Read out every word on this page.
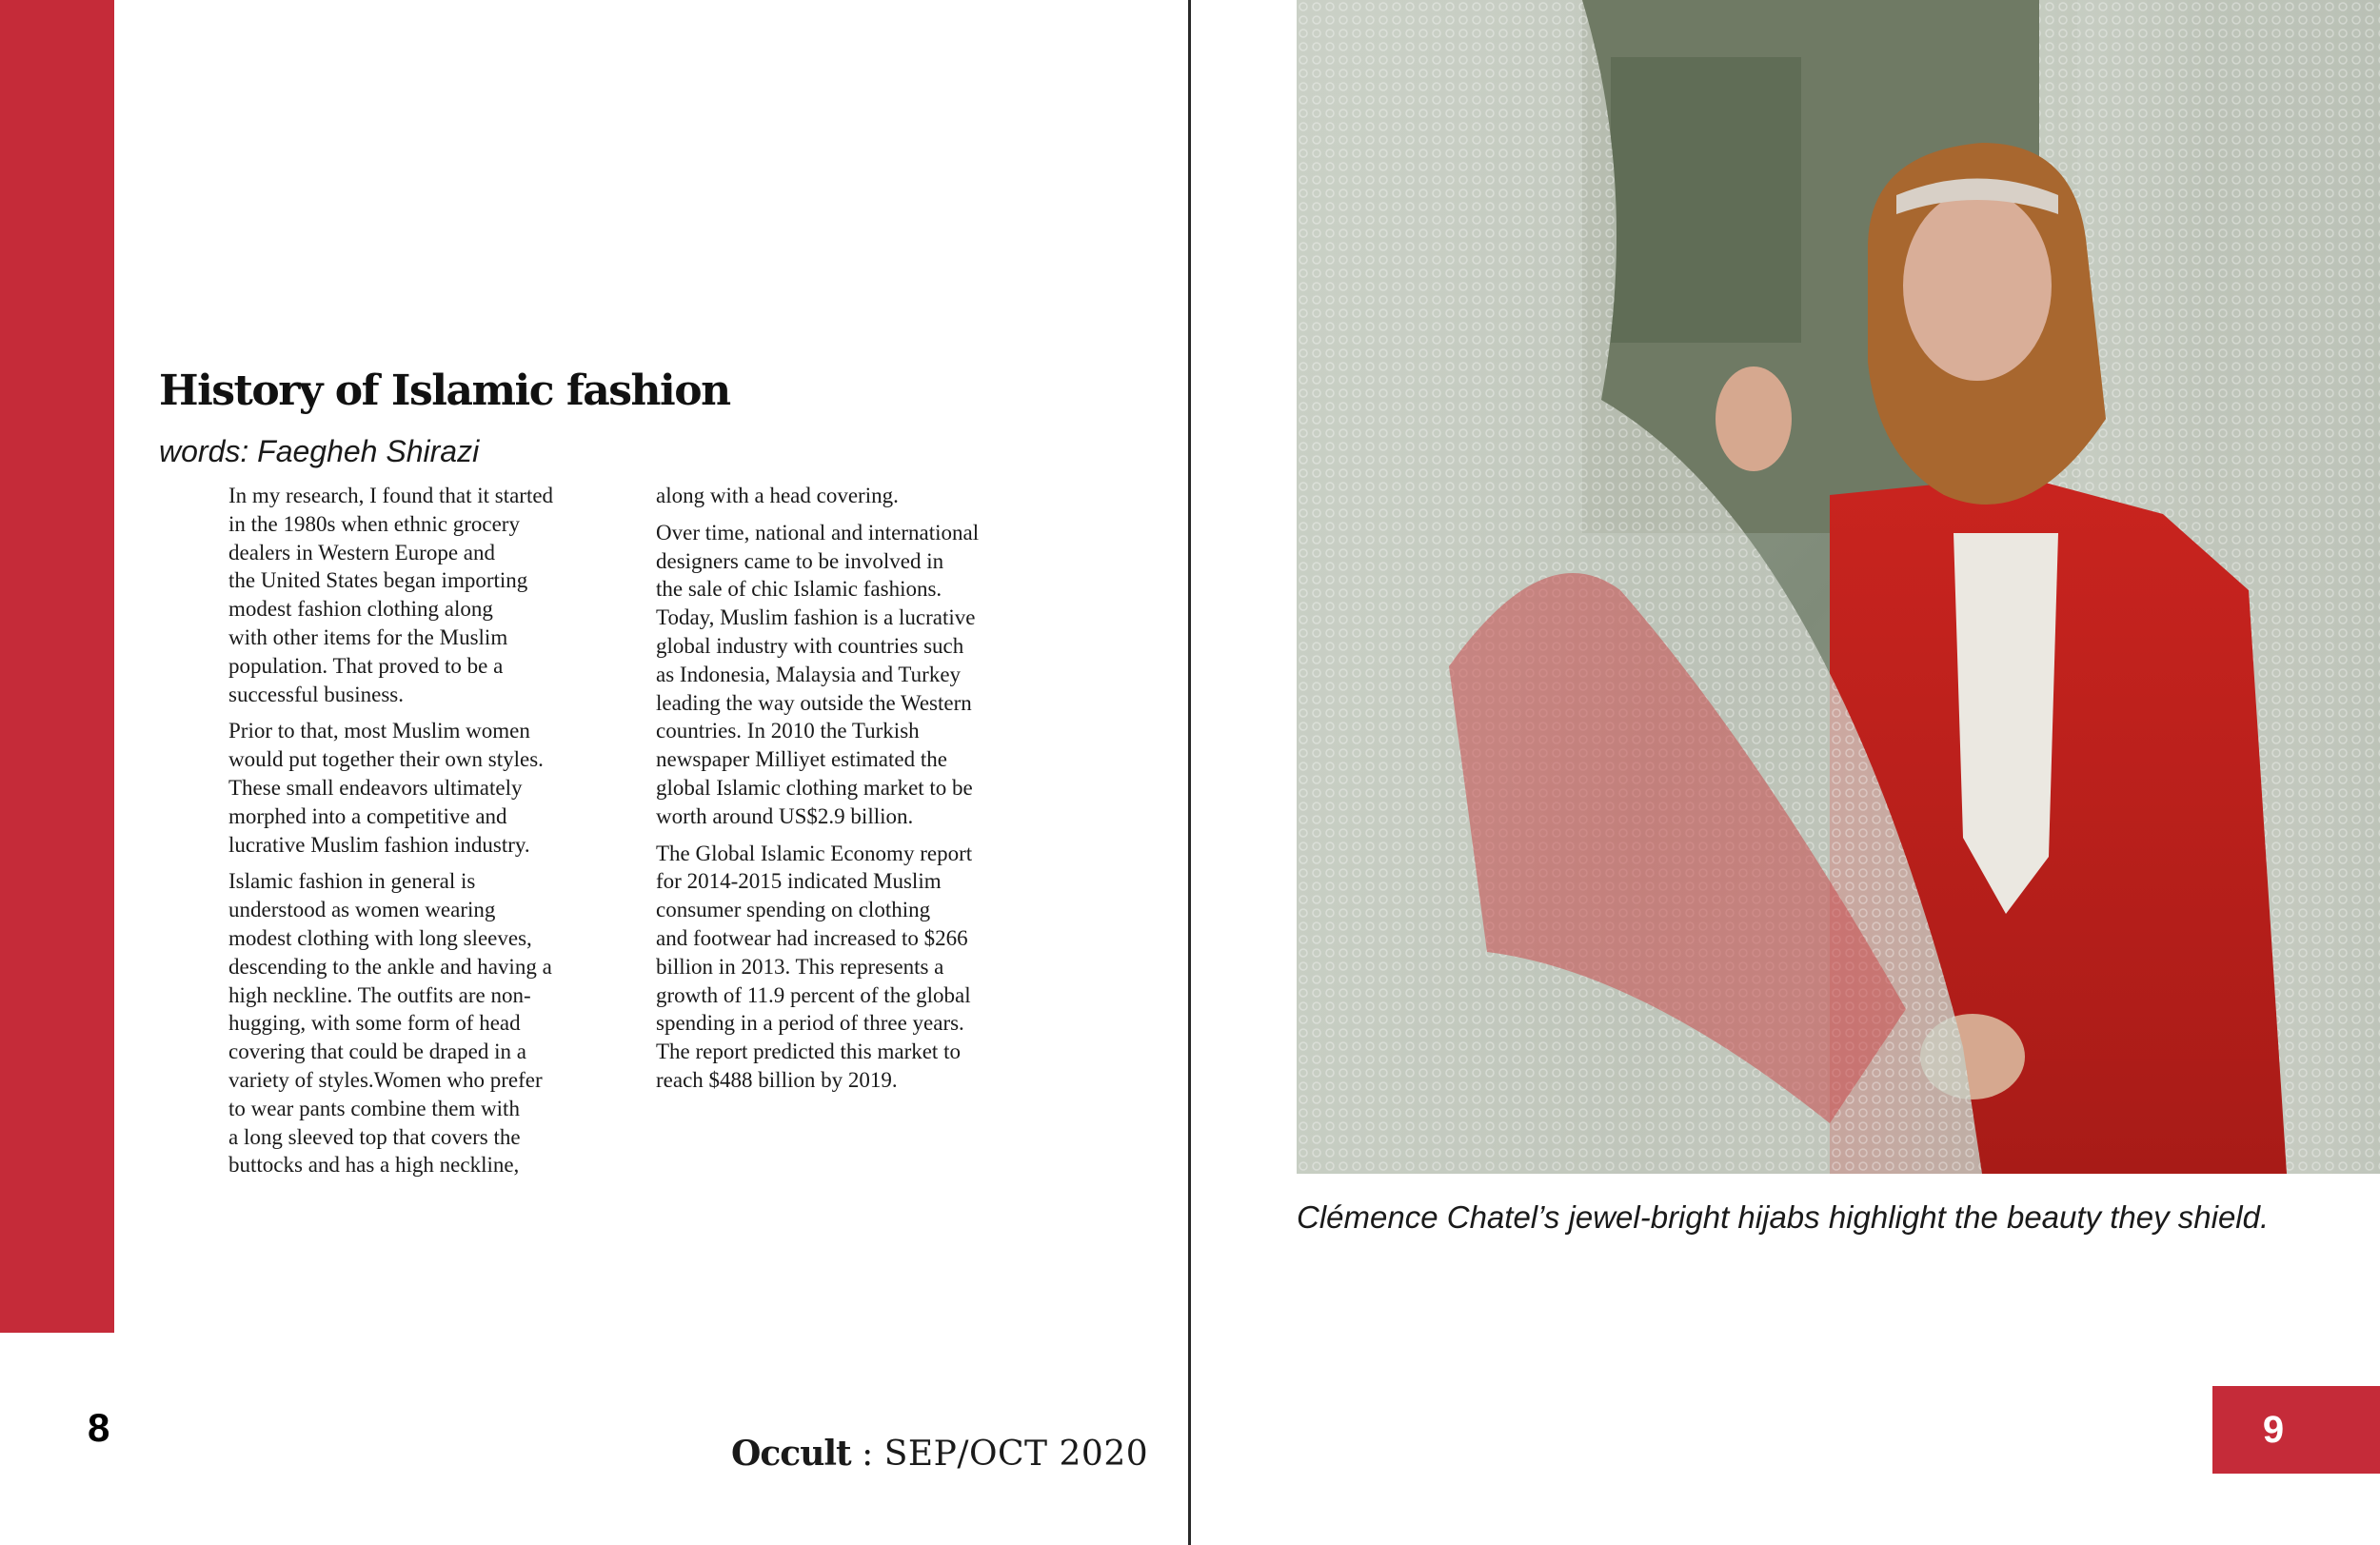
History of Islamic fashion

words: Faegheh Shirazi

In my research, I found that it started
in the 1980s when ethnic grocery
dealers in Western Europe and
the United States began importing
modest fashion clothing along
with other items for the Muslim
population. That proved to be a
successful business.

Prior to that, most Muslim women
would put together their own styles.
These small endeavors ultimately
morphed into a competitive and
lucrative Muslim fashion industry.

Islamic fashion in general is
understood as women wearing
modest clothing with long sleeves,
descending to the ankle and having a
high neckline. The outfits are non-
hugging, with some form of head
covering that could be draped in a
variety of styles.Women who prefer
to wear pants combine them with
a long sleeved top that covers the
buttocks and has a high neckline,

along with a head covering.

Over time, national and international
designers came to be involved in
the sale of chic Islamic fashions.
Today, Muslim fashion is a lucrative
global industry with countries such
as Indonesia, Malaysia and Turkey
leading the way outside the Western
countries. In 2010 the Turkish
newspaper Milliyet estimated the
global Islamic clothing market to be
worth around US$2.9 billion.

The Global Islamic Economy report
for 2014-2015 indicated Muslim
consumer spending on clothing
and footwear had increased to $266
billion in 2013. This represents a
growth of 11.9 percent of the global
spending in a period of three years.
The report predicted this market to
reach $488 billion by 2019.

8
Occult : SEP/OCT 2020
Clémence Chatel’s jewel-bright hijabs highlight the beauty they shield.
9
